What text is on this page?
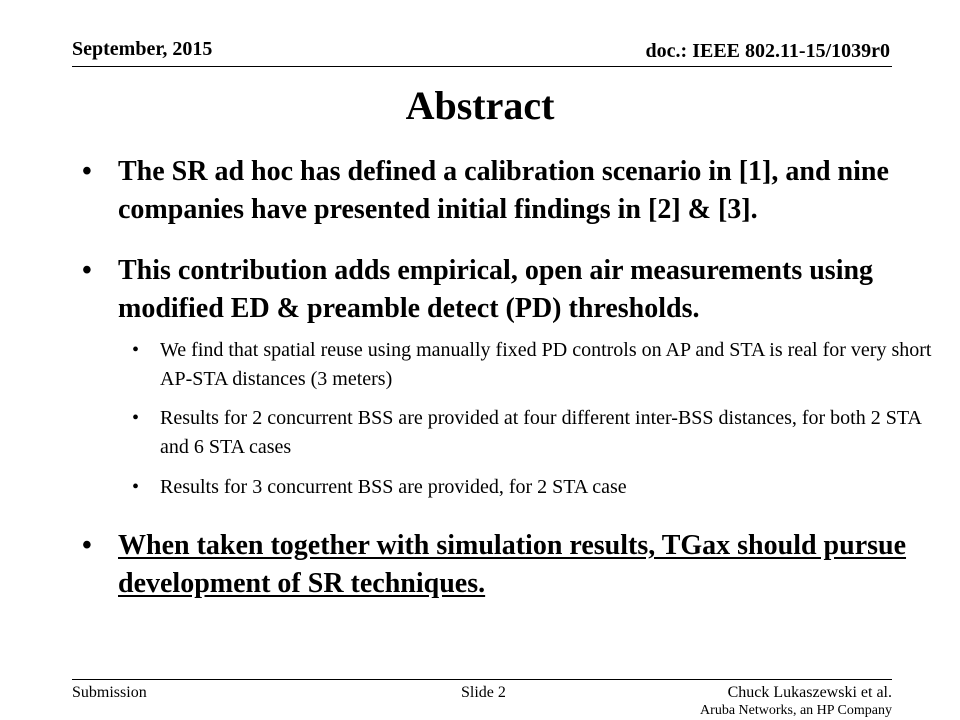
September, 2015	doc.: IEEE 802.11-15/1039r0
Abstract
• The SR ad hoc has defined a calibration scenario in [1], and nine companies have presented initial findings in [2] & [3].
• This contribution adds empirical, open air measurements using modified ED & preamble detect (PD) thresholds.
• We find that spatial reuse using manually fixed PD controls on AP and STA is real for very short AP-STA distances (3 meters)
• Results for 2 concurrent BSS are provided at four different inter-BSS distances, for both 2 STA and 6 STA cases
• Results for 3 concurrent BSS are provided, for 2 STA case
• When taken together with simulation results, TGax should pursue development of SR techniques.
Submission	Slide 2	Chuck Lukaszewski et al.
Aruba Networks, an HP Company
